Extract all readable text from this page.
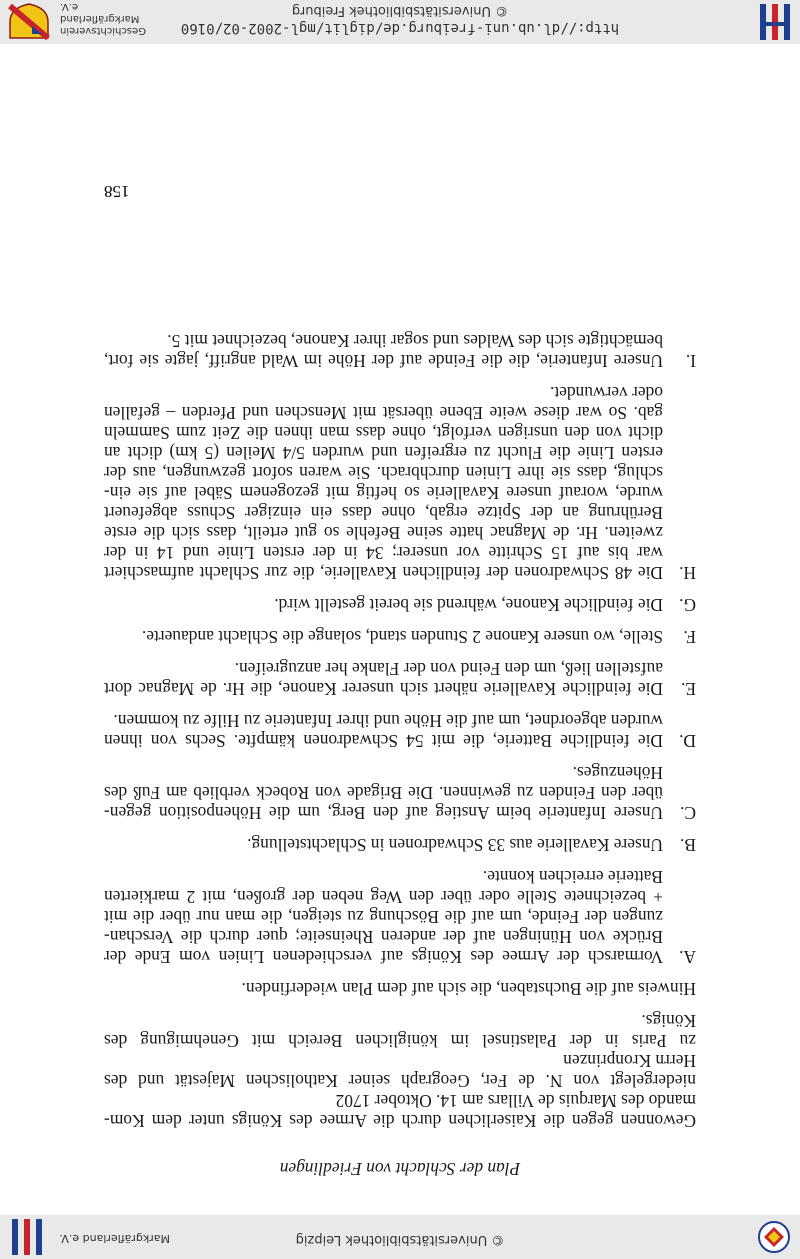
© Universitätsbibliothek Leipzig
Markgräflerland e.V.
Plan der Schlacht von Friedlingen

Gewonnen gegen die Kaiserlichen durch die Armee des Königs unter dem Kom-
mando des Marquis de Villars am 14. Oktober 1702
niedergelegt von N. de Fer, Geograph seiner Katholischen Majestät und des
Herrn Kronprinzen
zu Paris in der Palastinsel im königlichen Bereich mit Genehmigung des
Königs.

Hinweis auf die Buchstaben, die sich auf dem Plan wiederfinden.

A.
Vormarsch der Armee des Königs auf verschiedenen Linien vom Ende der
Brücke von Hüningen auf der anderen Rheinseite; quer durch die Verschan-
zungen der Feinde, um auf die Böschung zu steigen, die man nur über die mit
+ bezeichnete Stelle oder über den Weg neben der großen, mit 2 markierten
Batterie erreichen konnte.
B.
Unsere Kavallerie aus 33 Schwadronen in Schlachtstellung.
C.
Unsere Infanterie beim Anstieg auf den Berg, um die Höhenposition gegen-
über den Feinden zu gewinnen. Die Brigade von Robeck verblieb am Fuß des
Höhenzuges.
D.
Die feindliche Batterie, die mit 54 Schwadronen kämpfte. Sechs von ihnen
wurden abgeordnet, um auf die Höhe und ihrer Infanterie zu Hilfe zu kommen.
E.
Die feindliche Kavallerie nähert sich unserer Kanone, die Hr. de Magnac dort
aufstellen ließ, um den Feind von der Flanke her anzugreifen.
F.
Stelle, wo unsere Kanone 2 Stunden stand, solange die Schlacht andauerte.
G.
Die feindliche Kanone, während sie bereit gestellt wird.
H.
Die 48 Schwadronen der feindlichen Kavallerie, die zur Schlacht aufmaschiert
war bis auf 15 Schritte vor unserer; 34 in der ersten Linie und 14 in der
zweiten. Hr. de Magnac hatte seine Befehle so gut erteilt, dass sich die erste
Berührung an der Spitze ergab, ohne dass ein einziger Schuss abgefeuert
wurde, worauf unsere Kavallerie so heftig mit gezogenem Säbel auf sie ein-
schlug, dass sie ihre Linien durchbrach. Sie waren sofort gezwungen, aus der
ersten Linie die Flucht zu ergreifen und wurden 5/4 Meilen (5 km) dicht an
dicht von den unsrigen verfolgt, ohne dass man ihnen die Zeit zum Sammeln
gab. So war diese weite Ebene übersät mit Menschen und Pferden – gefallen
oder verwundet.
I.
Unsere Infanterie, die die Feinde auf der Höhe im Wald angriff, jagte sie fort,
bemächtigte sich des Waldes und sogar ihrer Kanone, bezeichnet mit 5.
158
http://dl.ub.uni-freiburg.de/diglit/mgl-2002-02/0160
© Universitätsbibliothek Freiburg
Geschichtsverein
Markgräflerland e.V.
